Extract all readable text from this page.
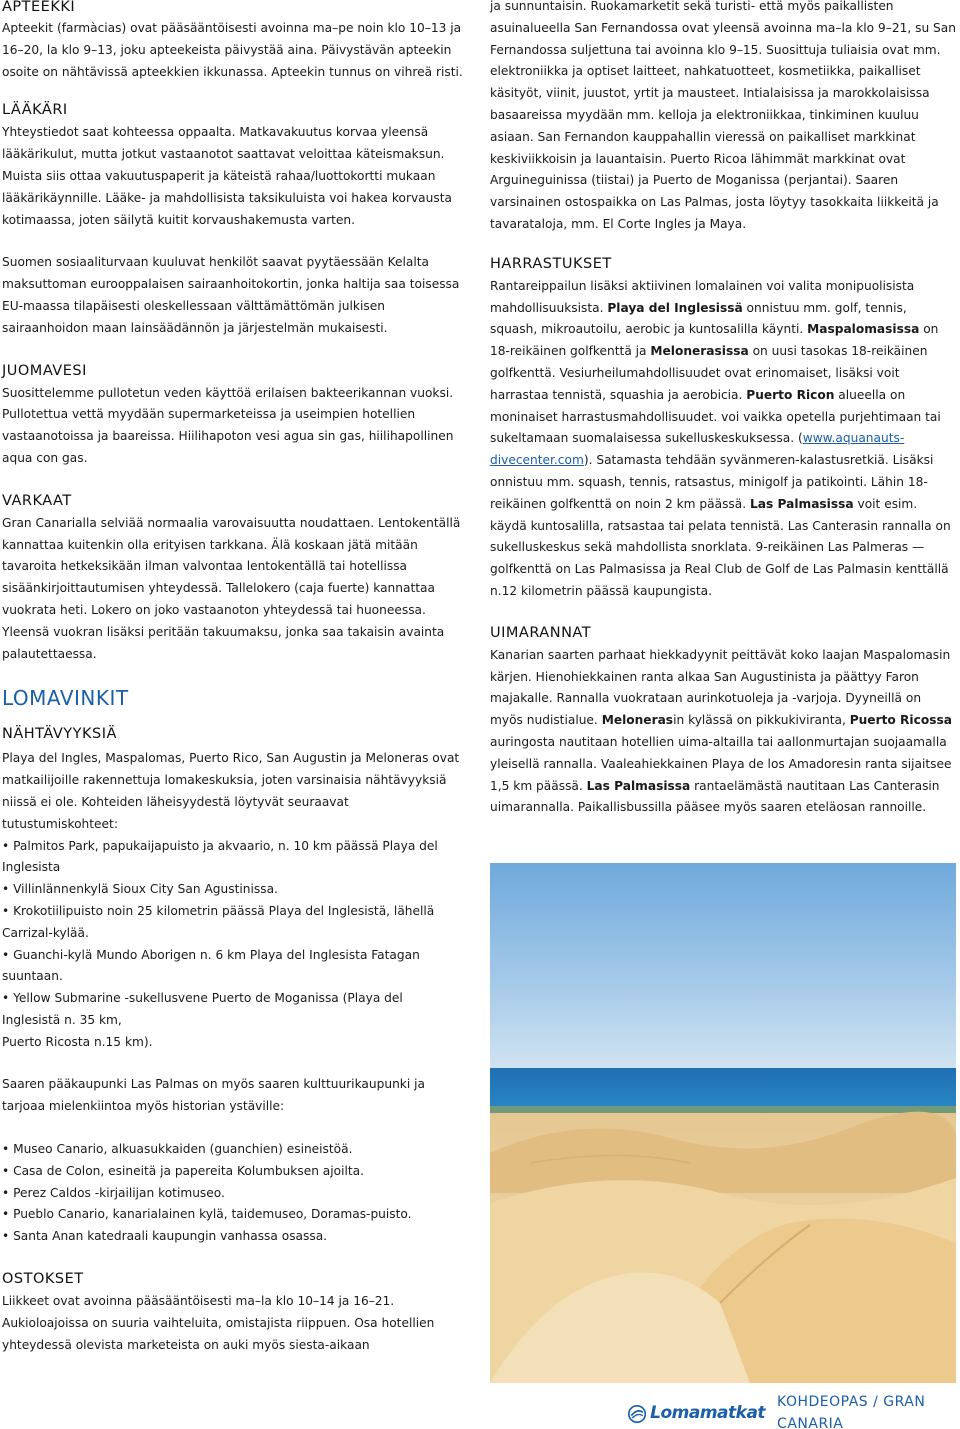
APTEEKKI

Apteekit (farmàcias) ovat pääsääntöisesti avoinna ma–pe noin klo 10–13 ja 16–20, la klo 9–13, joku apteekeista päivystää aina. Päivystävän apteekin osoite on nähtävissä apteekkien ikkunassa. Apteekin tunnus on vihreä risti.

LÄÄKÄRI

Yhteystiedot saat kohteessa oppaalta. Matkavakuutus korvaa yleensä lääkärikulut, mutta jotkut vastaanotot saattavat veloittaa käteismaksun. Muista siis ottaa vakuutuspaperit ja käteistä rahaa/luottokortti mukaan lääkärikäynnille. Lääke- ja mahdollisista taksikuluista voi hakea korvausta kotimaassa, joten säilytä kuitit korvaushakemusta varten.

Suomen sosiaaliturvaan kuuluvat henkilöt saavat pyytäessään Kelalta maksuttoman eurooppalaisen sairaanhoitokortin, jonka haltija saa toisessa EU-maassa tilapäisesti oleskellessaan välttämättömän julkisen sairaanhoidon maan lainsäädännön ja järjestelmän mukaisesti.

JUOMAVESI

Suosittelemme pullotetun veden käyttöä erilaisen bakteerikannan vuoksi. Pullotettua vettä myydään supermarketeissa ja useimpien hotellien vastaanotoissa ja baareissa. Hiilihapoton vesi agua sin gas, hiilihapollinen aqua con gas.

VARKAAT

Gran Canarialla selviää normaalia varovaisuutta noudattaen. Lentokentällä kannattaa kuitenkin olla erityisen tarkkana. Älä koskaan jätä mitään tavaroita hetkeksikään ilman valvontaa lentokentällä tai hotellissa sisäänkirjoittautumisen yhteydessä. Tallelokero (caja fuerte) kannattaa vuokrata heti. Lokero on joko vastaanoton yhteydessä tai huoneessa. Yleensä vuokran lisäksi peritään takuumaksu, jonka saa takaisin avainta palautettaessa.

LOMAVINKIT
NÄHTÄVYYKSIÄ

Playa del Ingles, Maspalomas, Puerto Rico, San Augustin ja Meloneras ovat matkailijoille rakennettuja lomakeskuksia, joten varsinaisia nähtävyyksiä niissä ei ole. Kohteiden läheisyydestä löytyvät seuraavat tutustumiskohteet:

• Palmitos Park, papukaijapuisto ja akvaario, n. 10 km päässä Playa del Inglesista
• Villinlännenkylä Sioux City San Agustinissa.
• Krokotiilipuisto noin 25 kilometrin päässä Playa del Inglesistä, lähellä Carrizal-kylää.
• Guanchi-kylä Mundo Aborigen n. 6 km Playa del Inglesista Fatagan suuntaan.
• Yellow Submarine -sukellusvene Puerto de Moganissa (Playa del Inglesistä n. 35 km,
Puerto Ricosta n.15 km).

Saaren pääkaupunki Las Palmas on myös saaren kulttuurikaupunki ja tarjoaa mielenkiintoa myös historian ystäville:

• Museo Canario, alkuasukkaiden (guanchien) esineistöä.
• Casa de Colon, esineitä ja papereita Kolumbuksen ajoilta.
• Perez Caldos -kirjailijan kotimuseo.
• Pueblo Canario, kanarialainen kylä, taidemuseo, Doramas-puisto.
• Santa Anan katedraali kaupungin vanhassa osassa.
OSTOKSET

Liikkeet ovat avoinna pääsääntöisesti ma–la klo 10–14 ja 16–21. Aukioloajoissa on suuria vaihteluita, omistajista riippuen. Osa hotellien yhteydessä olevista marketeista on auki myös siesta-aikaan

ja sunnuntaisin. Ruokamarketit sekä turisti- että myös paikallisten asuinalueella San Fernandossa ovat yleensä avoinna ma–la klo 9–21, su San Fernandossa suljettuna tai avoinna klo 9–15. Suosittuja tuliaisia ovat mm. elektroniikka ja optiset laitteet, nahkatuotteet, kosmetiikka, paikalliset käsityöt, viinit, juustot, yrtit ja mausteet. Intialaisissa ja marokkolaisissa basaareissa myydään mm. kelloja ja elektroniikkaa, tinkiminen kuuluu asiaan. San Fernandon kauppahallin vieressä on paikalliset markkinat keskiviikkoisin ja lauantaisin. Puerto Ricoa lähimmät markkinat ovat Arguineguinissa (tiistai) ja Puerto de Moganissa (perjantai). Saaren varsinainen ostospaikka on Las Palmas, josta löytyy tasokkaita liikkeitä ja tavarataloja, mm. El Corte Ingles ja Maya.

HARRASTUKSET

Rantareippailun lisäksi aktiivinen lomalainen voi valita monipuolisista mahdollisuuksista. Playa del Inglesissä onnistuu mm. golf, tennis, squash, mikroautoilu, aerobic ja kuntosalilla käynti. Maspalomasissa on 18-reikäinen golfkenttä ja Melonerasissa on uusi tasokas 18-reikäinen golfkenttä. Vesiurheilumahdollisuudet ovat erinomaiset, lisäksi voit harrastaa tennistä, squashia ja aerobicia. Puerto Ricon alueella on moninaiset harrastusmahdollisuudet. voi vaikka opetella purjehtimaan tai sukeltamaan suomalaisessa sukelluskeskuksessa. (www.aquanauts-divecenter.com). Satamasta tehdään syvänmeren-kalastusretkiä. Lisäksi onnistuu mm. squash, tennis, ratsastus, minigolf ja patikointi. Lähin 18-reikäinen golfkenttä on noin 2 km päässä. Las Palmasissa voit esim. käydä kuntosalilla, ratsastaa tai pelata tennistä. Las Canterasin rannalla on sukelluskeskus sekä mahdollista snorklata. 9-reikäinen Las Palmeras — golfkenttä on Las Palmasissa ja Real Club de Golf de Las Palmasin kenttällä n.12 kilometrin päässä kaupungista.

UIMARANNAT

Kanarian saarten parhaat hiekkadyynit peittävät koko laajan Maspalomasin kärjen. Hienohiekkainen ranta alkaa San Augustinista ja päättyy Faron majakalle. Rannalla vuokrataan aurinkotuoleja ja -varjoja. Dyyneillä on myös nudistialue. Melonerasin kylässä on pikkukiviranta, Puerto Ricossa auringosta nautitaan hotellien uima-altailla tai aallonmurtajan suojaamalla yleisellä rannalla. Vaaleahiekkainen Playa de los Amadoresin ranta sijaitsee 1,5 km päässä. Las Palmasissa rantaelämästä nautitaan Las Canterasin uimarannalla. Paikallisbussilla pääsee myös saaren eteläosan rannoille.

Lomamatkat
KOHDEOPAS / GRAN CANARIA
